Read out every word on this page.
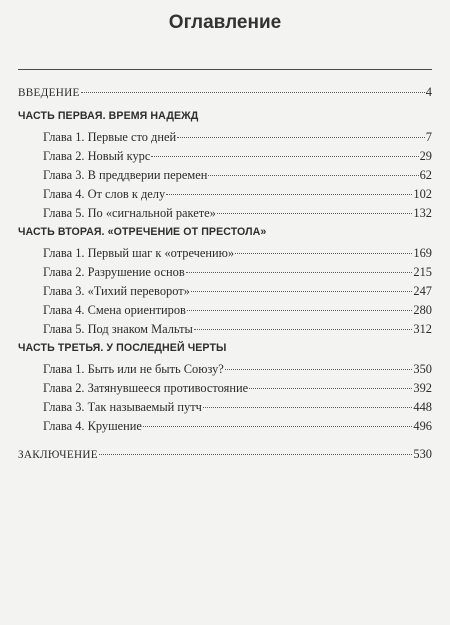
Оглавление
ВВЕДЕНИЕ	4
ЧАСТЬ ПЕРВАЯ. ВРЕМЯ НАДЕЖД
Глава 1. Первые сто дней	7
Глава 2. Новый курс	29
Глава 3. В преддверии перемен	62
Глава 4. От слов к делу	102
Глава 5. По «сигнальной ракете»	132
ЧАСТЬ ВТОРАЯ. «ОТРЕЧЕНИЕ ОТ ПРЕСТОЛА»
Глава 1. Первый шаг к «отречению»	169
Глава 2. Разрушение основ	215
Глава 3. «Тихий переворот»	247
Глава 4. Смена ориентиров	280
Глава 5. Под знаком Мальты	312
ЧАСТЬ ТРЕТЬЯ. У ПОСЛЕДНЕЙ ЧЕРТЫ
Глава 1. Быть или не быть Союзу?	350
Глава 2. Затянувшееся противостояние	392
Глава 3. Так называемый путч	448
Глава 4. Крушение	496
ЗАКЛЮЧЕНИЕ	530
